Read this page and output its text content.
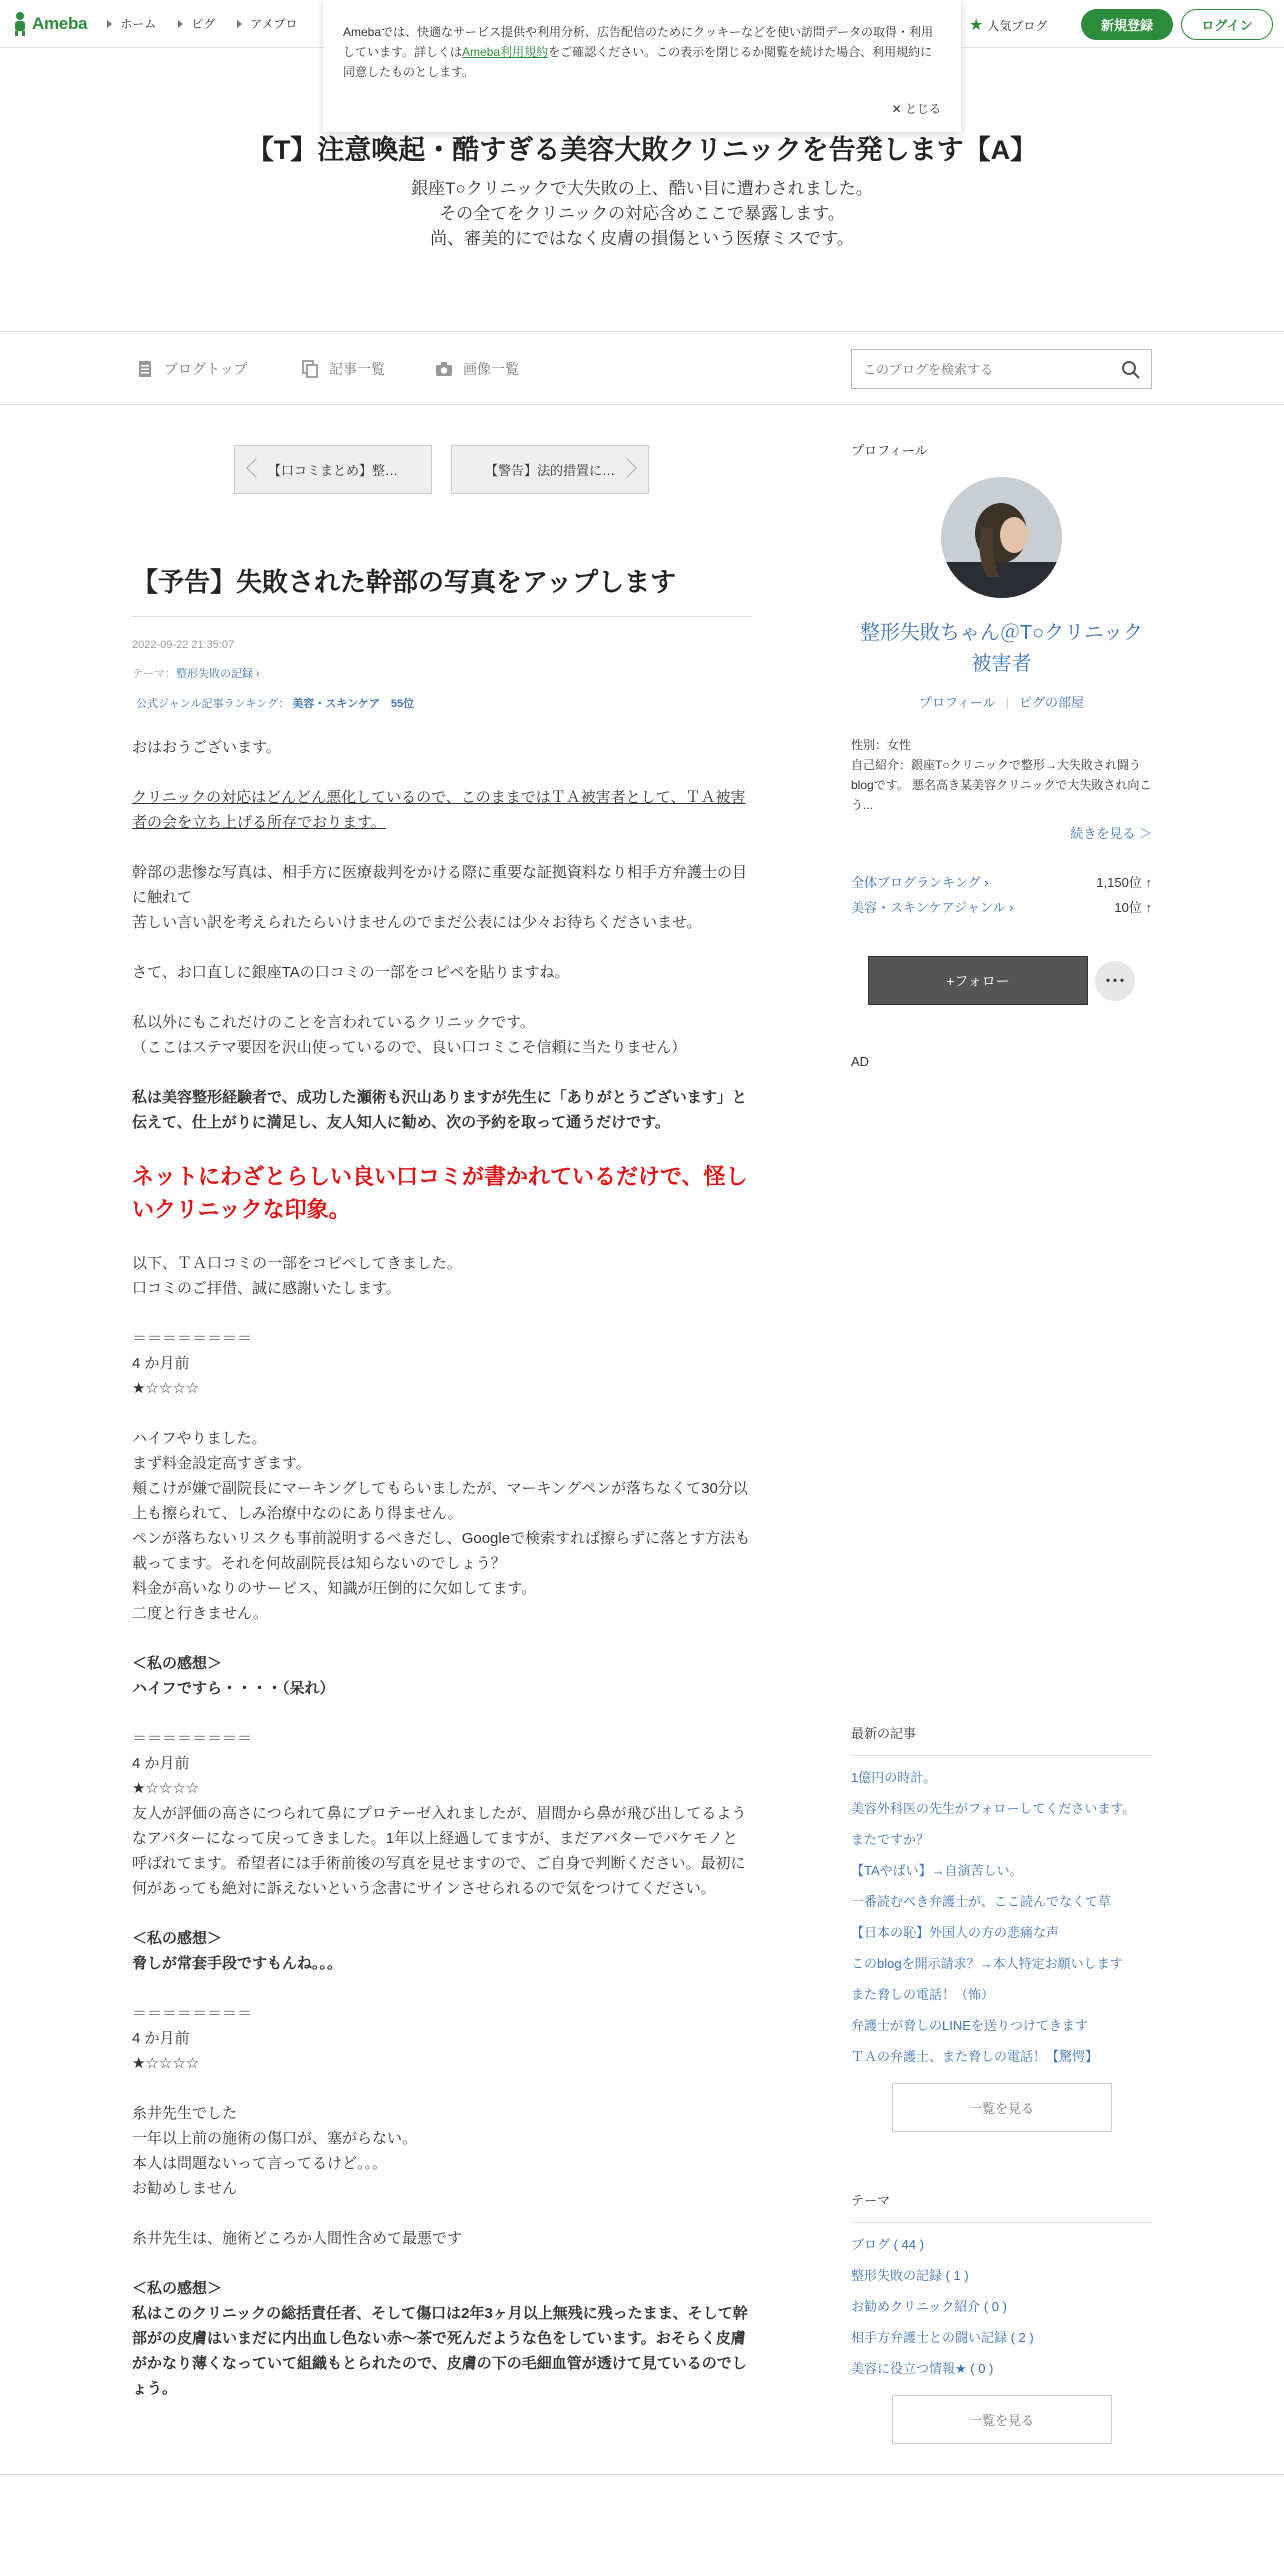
Ameba	ホーム	ピグ	アメブロ	★ 人気ブログ	新規登録	ログイン
Amebaでは、快適なサービス提供や利用分析、広告配信のためにクッキーなどを使い訪問データの取得・利用しています。詳しくはAmeba利用規約をご確認ください。この表示を閉じるか閲覧を続けた場合、利用規約に同意したものとします。
✕ とじる
【T】注意喚起・酷すぎる美容大敗クリニックを告発します【A】
銀座T○クリニックで大失敗の上、酷い目に遭わされました。
その全てをクリニックの対応含めここで暴露します。
尚、審美的にではなく皮膚の損傷という医療ミスです。
ブログトップ	記事一覧	画像一覧
このブログを検索する
【口コミまとめ】整…	【警告】法的措置に…
【予告】失敗された幹部の写真をアップします
2022-09-22 21:35:07
テーマ：整形失敗の記録 ›
公式ジャンル記事ランキング： 美容・スキンケア　 55位

おはおうございます。

クリニックの対応はどんどん悪化しているので、このままではＴＡ被害者として、ＴＡ被害者の会を立ち上げる所存でおります。

幹部の悲惨な写真は、相手方に医療裁判をかける際に重要な証拠資料なり相手方弁護士の目に触れて

苦しい言い訳を考えられたらいけませんのでまだ公表には少々お待ちくださいませ。

さて、お口直しに銀座TAの口コミの一部をコピペを貼りますね。

私以外にもこれだけのことを言われているクリニックです。

（ここはステマ要因を沢山使っているので、良い口コミこそ信頼に当たりません）

私は美容整形経験者で、成功した瀬術も沢山ありますが先生に「ありがとうございます」と伝えて、仕上がりに満足し、友人知人に勧め、次の予約を取って通うだけです。

ネットにわざとらしい良い口コミが書かれているだけで、怪しいクリニックな印象。

以下、ＴＡ口コミの一部をコピペしてきました。

口コミのご拝借、誠に感謝いたします。

＝＝＝＝＝＝＝＝

4 か月前

★☆☆☆☆

ハイフやりました。

まず料金設定高すぎます。

頬こけが嫌で副院長にマーキングしてもらいましたが、マーキングペンが落ちなくて30分以上も擦られて、しみ治療中なのにあり得ません。

ペンが落ちないリスクも事前説明するべきだし、Googleで検索すれば擦らずに落とす方法も載ってます。それを何故副院長は知らないのでしょう？

料金が高いなりのサービス、知識が圧倒的に欠如してます。

二度と行きません。

＜私の感想＞

ハイフですら・・・・（呆れ）

＝＝＝＝＝＝＝＝

4 か月前

★☆☆☆☆

友人が評価の高さにつられて鼻にプロテーゼ入れましたが、眉間から鼻が飛び出してるようなアバターになって戻ってきました。1年以上経過してますが、まだアバターでバケモノと呼ばれてます。希望者には手術前後の写真を見せますので、ご自身で判断ください。最初に何があっても絶対に訴えないという念書にサインさせられるので気をつけてください。

＜私の感想＞

脅しが常套手段ですもんね。。。

＝＝＝＝＝＝＝＝

4 か月前

★☆☆☆☆

糸井先生でした

一年以上前の施術の傷口が、塞がらない。

本人は問題ないって言ってるけど。。。

お勧めしません

糸井先生は、施術どころか人間性含めて最悪です

＜私の感想＞

私はこのクリニックの総括責任者、そして傷口は2年3ヶ月以上無残に残ったまま、そして幹部がの皮膚はいまだに内出血し色ない赤〜茶で死んだような色をしています。おそらく皮膚がかなり薄くなっていて組織もとられたので、皮膚の下の毛細血管が透けて見ているのでしょう。

プロフィール
整形失敗ちゃん＠T○クリニック被害者
プロフィール | ピグの部屋
性別：女性
自己紹介：銀座T○クリニックで整形→大失敗され闘うblogです。 悪名高き某美容クリニックで大失敗され向こう...
続きを見る ＞
全体ブログランキング ›	1,150位 ↑
美容・スキンケアジャンル ›	10位 ↑
+フォロー	･･･
AD
最新の記事
1億円の時計。
美容外科医の先生がフォローしてくださいます。
またですか？
【TAやばい】→自演苦しい。
一番読むべき弁護士が、ここ読んでなくて草
【日本の恥】外国人の方の悲痛な声
このblogを開示請求？→本人特定お願いします
また脅しの電話！（怖）
弁護士が脅しのLINEを送りつけてきます
ＴＡの弁護士、また脅しの電話！【驚愕】
一覧を見る
テーマ
ブログ ( 44 )
整形失敗の記録 ( 1 )
お勧めクリニック紹介 ( 0 )
相手方弁護士との闘い記録 ( 2 )
美容に役立つ情報★ ( 0 )
一覧を見る
